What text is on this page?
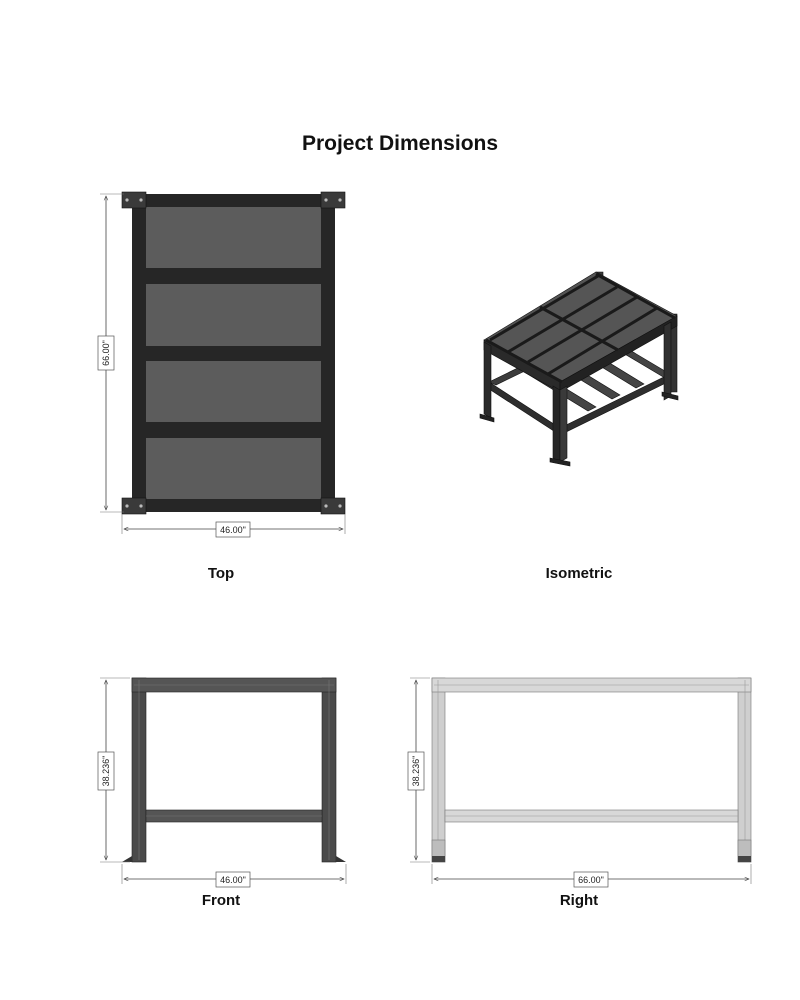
Project Dimensions
66.00"
46.00"
38.236"
46.00"
38.236"
66.00"
Top	Isometric
Front	Right
